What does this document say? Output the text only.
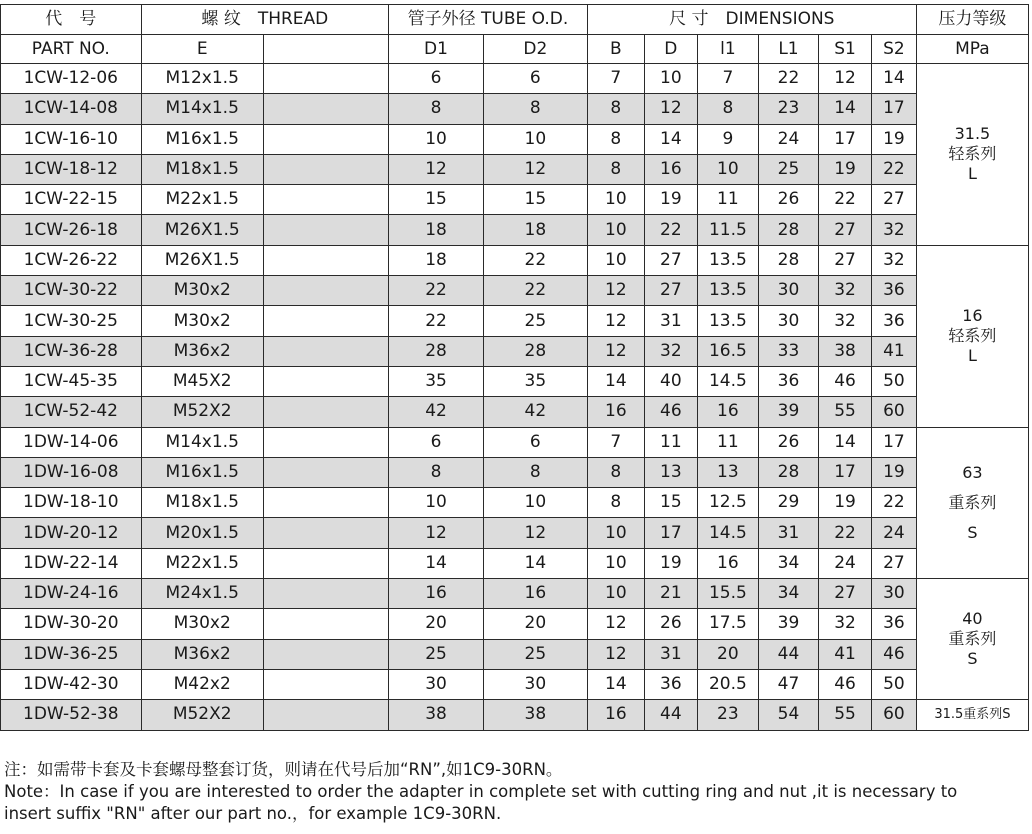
代　号	螺 纹　THREAD		管子外径 TUBE O.D.		尺 寸　DIMENSIONS						压力等级
PART NO.	E		D1	D2	B	D	l1	L1	S1	S2	MPa
1CW-12-06	M12x1.5		6	6	7	10	7	22	12	14	31.5
轻系列
L

1CW-14-08	M14x1.5		8	8	8	12	8	23	14	17	
1CW-16-10	M16x1.5		10	10	8	14	9	24	17	19	
1CW-18-12	M18x1.5		12	12	8	16	10	25	19	22	
1CW-22-15	M22x1.5		15	15	10	19	11	26	22	27	
1CW-26-18	M26X1.5		18	18	10	22	11.5	28	27	32	
1CW-26-22	M26X1.5		18	22	10	27	13.5	28	27	32	16
轻系列
L

1CW-30-22	M30x2		22	22	12	27	13.5	30	32	36	
1CW-30-25	M30x2		22	25	12	31	13.5	30	32	36	
1CW-36-28	M36x2		28	28	12	32	16.5	33	38	41	
1CW-45-35	M45X2		35	35	14	40	14.5	36	46	50	
1CW-52-42	M52X2		42	42	16	46	16	39	55	60	
1DW-14-06	M14x1.5		6	6	7	11	11	26	14	17	63
重系列
S

1DW-16-08	M16x1.5		8	8	8	13	13	28	17	19	
1DW-18-10	M18x1.5		10	10	8	15	12.5	29	19	22	
1DW-20-12	M20x1.5		12	12	10	17	14.5	31	22	24	
1DW-22-14	M22x1.5		14	14	10	19	16	34	24	27	
1DW-24-16	M24x1.5		16	16	10	21	15.5	34	27	30	40
重系列
S

1DW-30-20	M30x2		20	20	12	26	17.5	39	32	36	
1DW-36-25	M36x2		25	25	12	31	20	44	41	46	
1DW-42-30	M42x2		30	30	14	36	20.5	47	46	50	
1DW-52-38	M52X2		38	38	16	44	23	54	55	60	31.5重系列S
注：如需带卡套及卡套螺母整套订货，则请在代号后加“RN”,如1C9-30RN。
Note：In case if you are interested to order the adapter in complete set with cutting ring and nut ,it is necessary to
insert suffix "RN" after our part no.，for example 1C9-30RN.
